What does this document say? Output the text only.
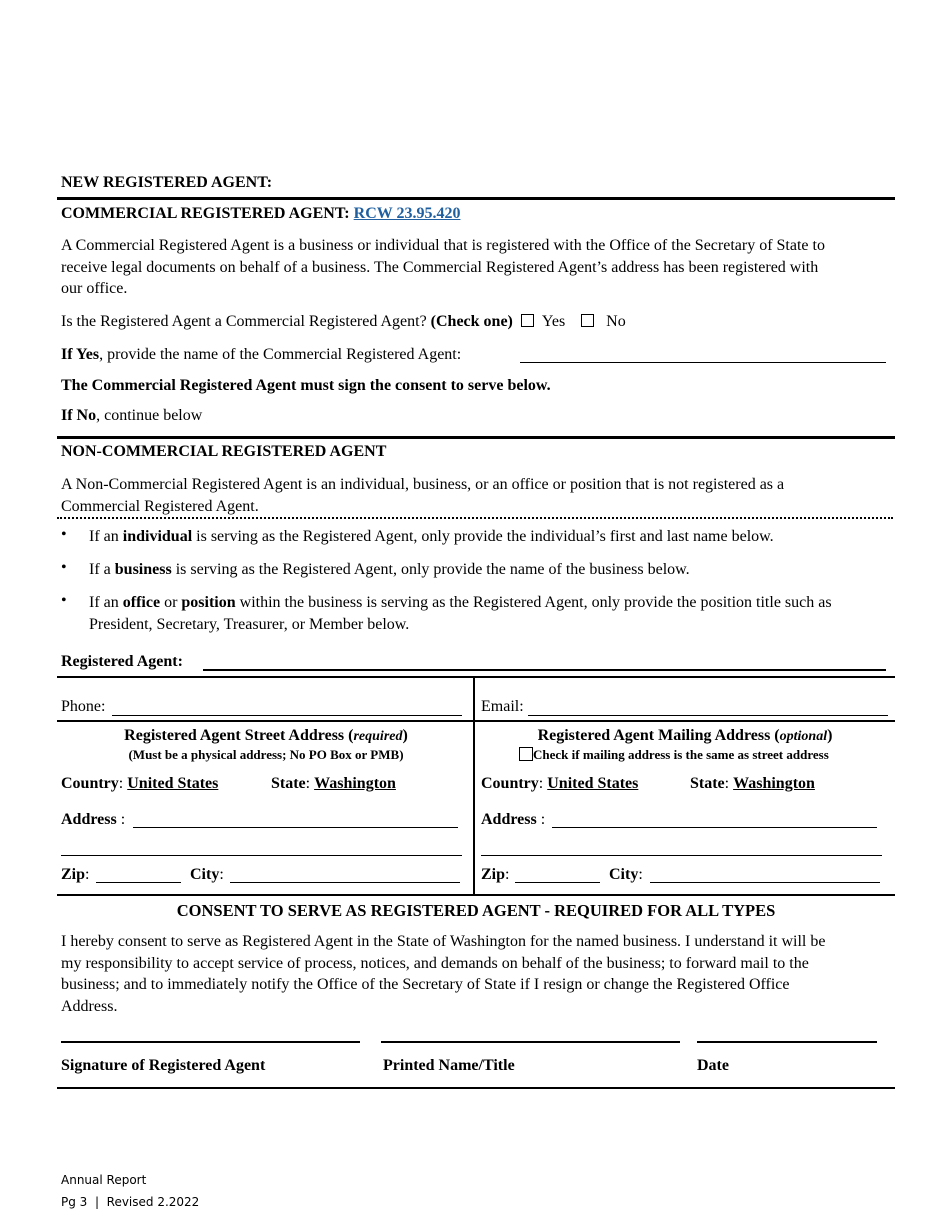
NEW REGISTERED AGENT:
COMMERCIAL REGISTERED AGENT: RCW 23.95.420
A Commercial Registered Agent is a business or individual that is registered with the Office of the Secretary of State to
receive legal documents on behalf of a business. The Commercial Registered Agent’s address has been registered with
our office.
Is the Registered Agent a Commercial Registered Agent? (Check one) Yes	No
If Yes, provide the name of the Commercial Registered Agent:
The Commercial Registered Agent must sign the consent to serve below.
If No, continue below
NON-COMMERCIAL REGISTERED AGENT
A Non-Commercial Registered Agent is an individual, business, or an office or position that is not registered as a
Commercial Registered Agent.
• If an individual is serving as the Registered Agent, only provide the individual’s first and last name below.
• If a business is serving as the Registered Agent, only provide the name of the business below.
• If an office or position within the business is serving as the Registered Agent, only provide the position title such as
President, Secretary, Treasurer, or Member below.
Registered Agent:
Phone:	Email:
Registered Agent Street Address (required)
(Must be a physical address; No PO Box or PMB)
Country: United States	State: Washington
Address :
Zip:	City:
Registered Agent Mailing Address (optional)
Check if mailing address is the same as street address
Country: United States	State: Washington
Address :
Zip:	City:
CONSENT TO SERVE AS REGISTERED AGENT - REQUIRED FOR ALL TYPES
I hereby consent to serve as Registered Agent in the State of Washington for the named business. I understand it will be
my responsibility to accept service of process, notices, and demands on behalf of the business; to forward mail to the
business; and to immediately notify the Office of the Secretary of State if I resign or change the Registered Office
Address.
Signature of Registered Agent	Printed Name/Title	Date
Annual Report
Pg 3 | Revised 2.2022
